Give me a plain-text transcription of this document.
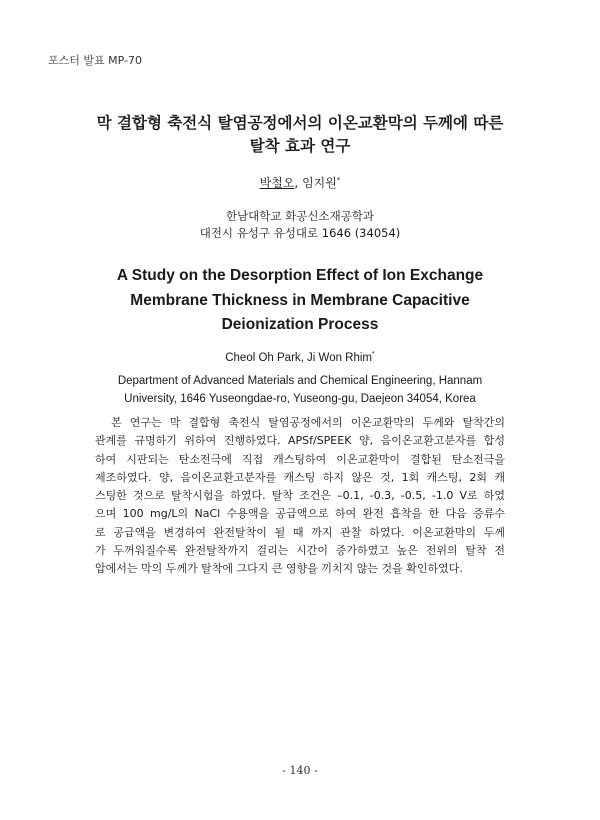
포스터 발표 MP-70
막 결합형 축전식 탈염공정에서의 이온교환막의 두께에 따른
탈착 효과 연구
박철오, 임지원*
한남대학교 화공신소재공학과
대전시 유성구 유성대로 1646 (34054)
A Study on the Desorption Effect of Ion Exchange
Membrane Thickness in Membrane Capacitive
Deionization Process
Cheol Oh Park, Ji Won Rhim*
Department of Advanced Materials and Chemical Engineering, Hannam
University, 1646 Yuseongdae-ro, Yuseong-gu, Daejeon 34054, Korea
본 연구는 막 결합형 축전식 탈염공정에서의 이온교환막의 두께와 탈착간의
관계를 규명하기 위하여 진행하였다. APSf/SPEEK 양, 음이온교환고분자를 합성
하여 시판되는 탄소전극에 직접 캐스팅하여 이온교환막이 결합된 탄소전극을
제조하였다. 양, 음이온교환고분자를 캐스팅 하지 않은 것, 1회 캐스팅, 2회 캐
스팅한 것으로 탈착시험을 하였다. 탈착 조건은 –0.1, -0.3, -0.5, -1.0 V로 하였
으며 100 mg/L의 NaCl 수용액을 공급액으로 하여 완전 흡착을 한 다음 증류수
로 공급액을 변경하여 완전탈착이 될 때 까지 관찰 하였다. 이온교환막의 두께
가 두꺼워질수록 완전탈착까지 걸리는 시간이 증가하였고 높은 전위의 탈착 전
압에서는 막의 두께가 탈착에 그다지 큰 영향을 끼치지 않는 것을 확인하였다.
- 140 -
